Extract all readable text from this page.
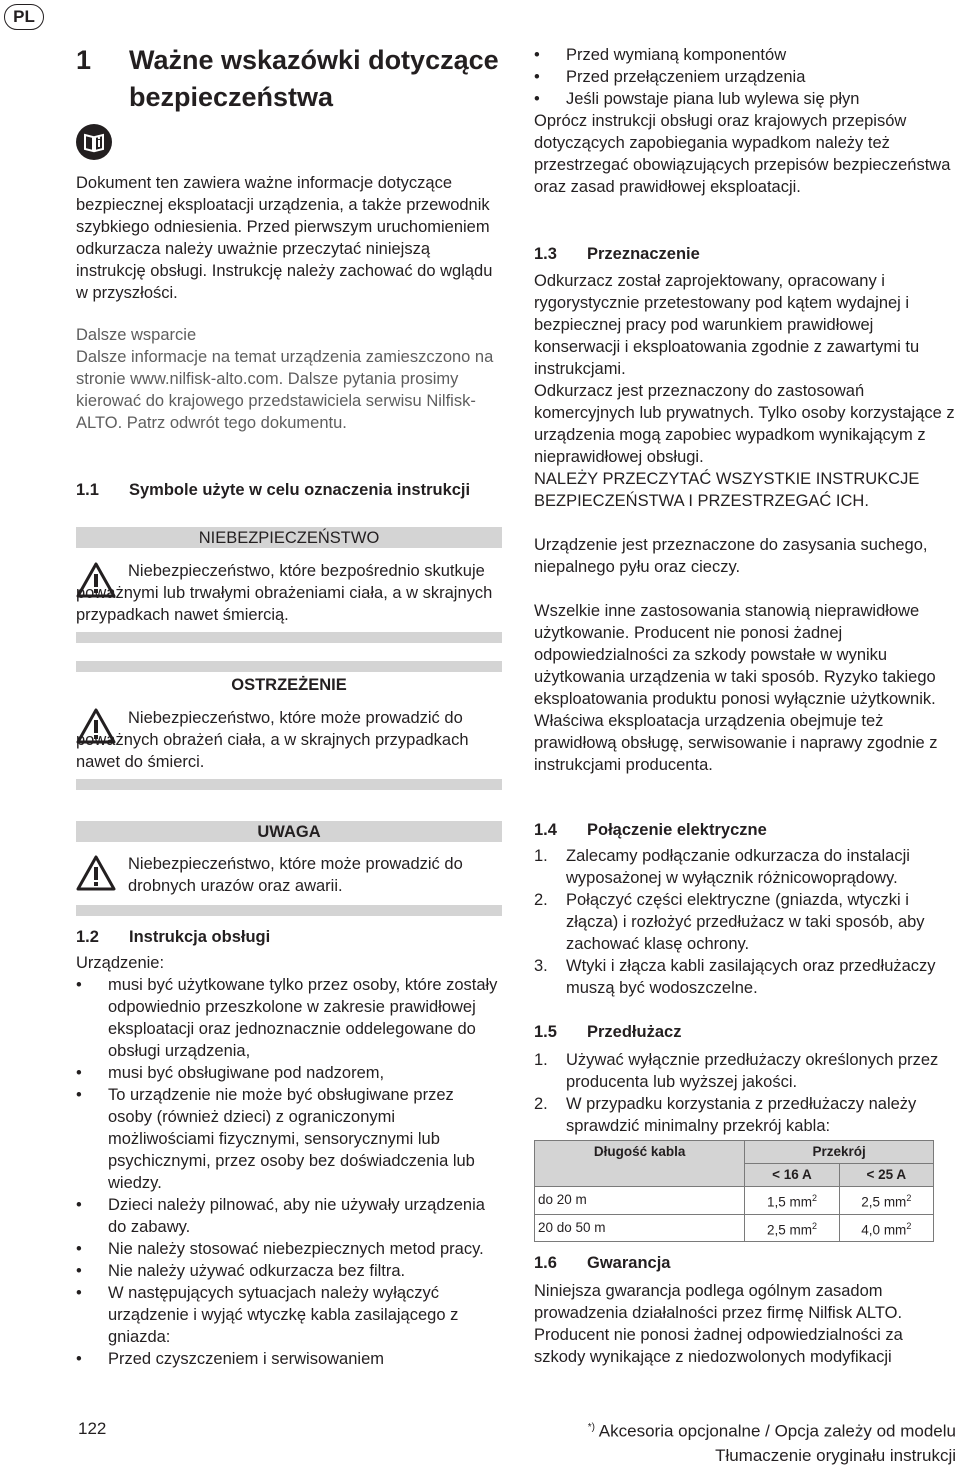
PL
1 Ważne wskazówki dotyczące bezpieczeństwa

Dokument ten zawiera ważne informacje dotyczące bezpiecznej eksploatacji urządzenia, a także przewodnik szybkiego odniesienia. Przed pierwszym uruchomieniem odkurzacza należy uważnie przeczytać niniejszą instrukcję obsługi. Instrukcję należy zachować do wglądu w przyszłości.

Dalsze wsparcie

Dalsze informacje na temat urządzenia zamieszczono na stronie www.nilfisk-alto.com. Dalsze pytania prosimy kierować do krajowego przedstawiciela serwisu Nilfisk-ALTO. Patrz odwrót tego dokumentu.

1.1 Symbole użyte w celu oznaczenia instrukcji
NIEBEZPIECZEŃSTWO

Niebezpieczeństwo, które bezpośrednio skutkuje poważnymi lub trwałymi obrażeniami ciała, a w skrajnych przypadkach nawet śmiercią.

OSTRZEŻENIE

Niebezpieczeństwo, które może prowadzić do poważnych obrażeń ciała, a w skrajnych przypadkach nawet do śmierci.

UWAGA

Niebezpieczeństwo, które może prowadzić do drobnych urazów oraz awarii.

1.2 Instrukcja obsługi

Urządzenie:

• musi być użytkowane tylko przez osoby, które zostały odpowiednio przeszkolone w zakresie prawidłowej eksploatacji oraz jednoznacznie oddelegowane do obsługi urządzenia,
• musi być obsługiwane pod nadzorem,
• To urządzenie nie może być obsługiwane przez osoby (również dzieci) z ograniczonymi możliwościami fizycznymi, sensorycznymi lub psychicznymi, przez osoby bez doświadczenia lub wiedzy.
• Dzieci należy pilnować, aby nie używały urządzenia do zabawy.
• Nie należy stosować niebezpiecznych metod pracy.
• Nie należy używać odkurzacza bez filtra.
• W następujących sytuacjach należy wyłączyć urządzenie i wyjąć wtyczkę kabla zasilającego z gniazda:
• Przed czyszczeniem i serwisowaniem
• Przed wymianą komponentów
• Przed przełączeniem urządzenia
• Jeśli powstaje piana lub wylewa się płyn

Oprócz instrukcji obsługi oraz krajowych przepisów dotyczących zapobiegania wypadkom należy też przestrzegać obowiązujących przepisów bezpieczeństwa oraz zasad prawidłowej eksploatacji.

1.3 Przeznaczenie

Odkurzacz został zaprojektowany, opracowany i rygorystycznie przetestowany pod kątem wydajnej i bezpiecznej pracy pod warunkiem prawidłowej konserwacji i eksploatowania zgodnie z zawartymi tu instrukcjami.

Odkurzacz jest przeznaczony do zastosowań komercyjnych lub prywatnych. Tylko osoby korzystające z urządzenia mogą zapobiec wypadkom wynikającym z nieprawidłowej obsługi.

NALEŻY PRZECZYTAĆ WSZYSTKIE INSTRUKCJE BEZPIECZEŃSTWA I PRZESTRZEGAĆ ICH.

Urządzenie jest przeznaczone do zasysania suchego, niepalnego pyłu oraz cieczy.

Wszelkie inne zastosowania stanowią nieprawidłowe użytkowanie. Producent nie ponosi żadnej odpowiedzialności za szkody powstałe w wyniku użytkowania urządzenia w taki sposób. Ryzyko takiego eksploatowania produktu ponosi wyłącznie użytkownik. Właściwa eksploatacja urządzenia obejmuje też prawidłową obsługę, serwisowanie i naprawy zgodnie z instrukcjami producenta.

1.4 Połączenie elektryczne
1. Zalecamy podłączanie odkurzacza do instalacji wyposażonej w wyłącznik różnicowoprądowy.
2. Połączyć części elektryczne (gniazda, wtyczki i złącza) i rozłożyć przedłużacz w taki sposób, aby zachować klasę ochrony.
3. Wtyki i złącza kabli zasilających oraz przedłużaczy muszą być wodoszczelne.
1.5 Przedłużacz
1. Używać wyłącznie przedłużaczy określonych przez producenta lub wyższej jakości.
2. W przypadku korzystania z przedłużaczy należy sprawdzić minimalny przekrój kabla:
Długość kabla	Przekrój	
	< 16 A	< 25 A
do 20 m	1,5 $mm^2$	2,5 $mm^2$
20 do 50 m	2,5 $mm^2$	4,0 $mm^2$
1.6 Gwarancja

Niniejsza gwarancja podlega ogólnym zasadom prowadzenia działalności przez firmę Nilfisk ALTO. Producent nie ponosi żadnej odpowiedzialności za szkody wynikające z niedozwolonych modyfikacji

122	*) Akcesoria opcjonalne / Opcja zależy od modelu
Tłumaczenie oryginału instrukcji
